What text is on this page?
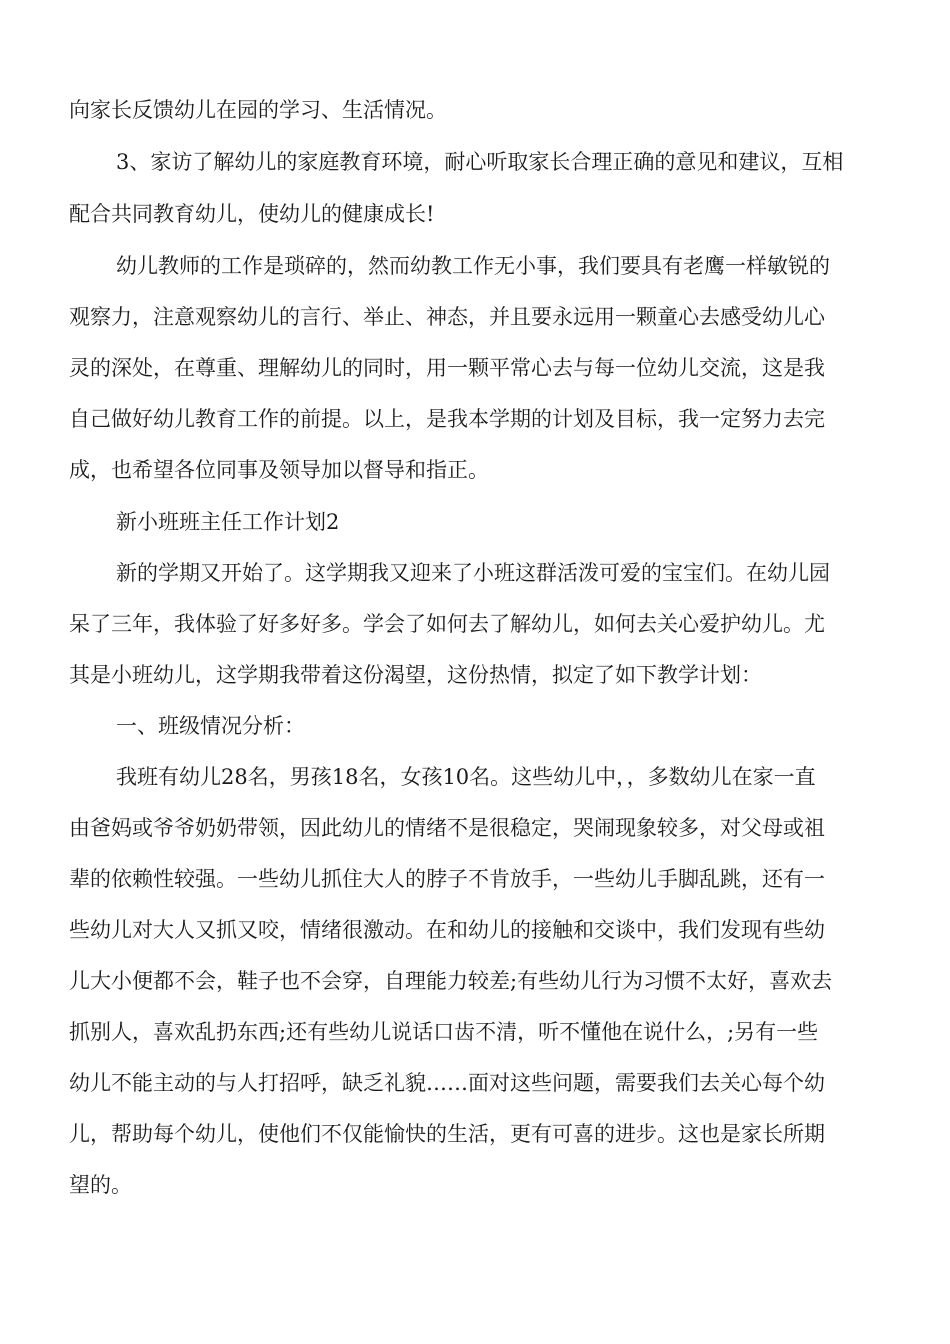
向家长反馈幼儿在园的学习、生活情况。

3、家访了解幼儿的家庭教育环境，耐心听取家长合理正确的意见和建议，互相

配合共同教育幼儿，使幼儿的健康成长!

幼儿教师的工作是琐碎的，然而幼教工作无小事，我们要具有老鹰一样敏锐的

观察力，注意观察幼儿的言行、举止、神态，并且要永远用一颗童心去感受幼儿心

灵的深处，在尊重、理解幼儿的同时，用一颗平常心去与每一位幼儿交流，这是我

自己做好幼儿教育工作的前提。以上，是我本学期的计划及目标，我一定努力去完

成，也希望各位同事及领导加以督导和指正。

新小班班主任工作计划2

新的学期又开始了。这学期我又迎来了小班这群活泼可爱的宝宝们。在幼儿园

呆了三年，我体验了好多好多。学会了如何去了解幼儿，如何去关心爱护幼儿。尤

其是小班幼儿，这学期我带着这份渴望，这份热情，拟定了如下教学计划：

一、班级情况分析：

我班有幼儿28名，男孩18名，女孩10名。这些幼儿中，，多数幼儿在家一直

由爸妈或爷爷奶奶带领，因此幼儿的情绪不是很稳定，哭闹现象较多，对父母或祖

辈的依赖性较强。一些幼儿抓住大人的脖子不肯放手，一些幼儿手脚乱跳，还有一

些幼儿对大人又抓又咬，情绪很激动。在和幼儿的接触和交谈中，我们发现有些幼

儿大小便都不会，鞋子也不会穿，自理能力较差;有些幼儿行为习惯不太好，喜欢去

抓别人，喜欢乱扔东西;还有些幼儿说话口齿不清，听不懂他在说什么，;另有一些

幼儿不能主动的与人打招呼，缺乏礼貌……面对这些问题，需要我们去关心每个幼

儿，帮助每个幼儿，使他们不仅能愉快的生活，更有可喜的进步。这也是家长所期

望的。
